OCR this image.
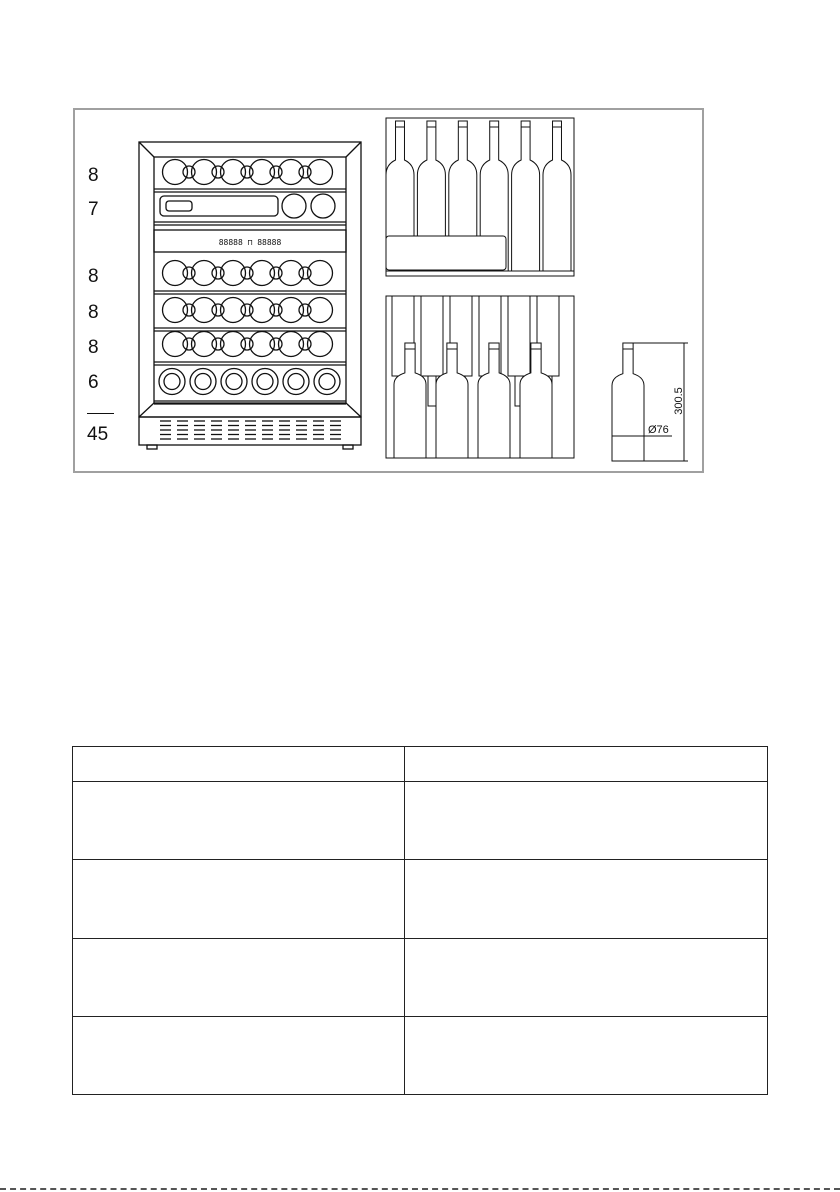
88888 ⊓ 88888
300.5
Ø76
8
7
8
8
8
6
45
